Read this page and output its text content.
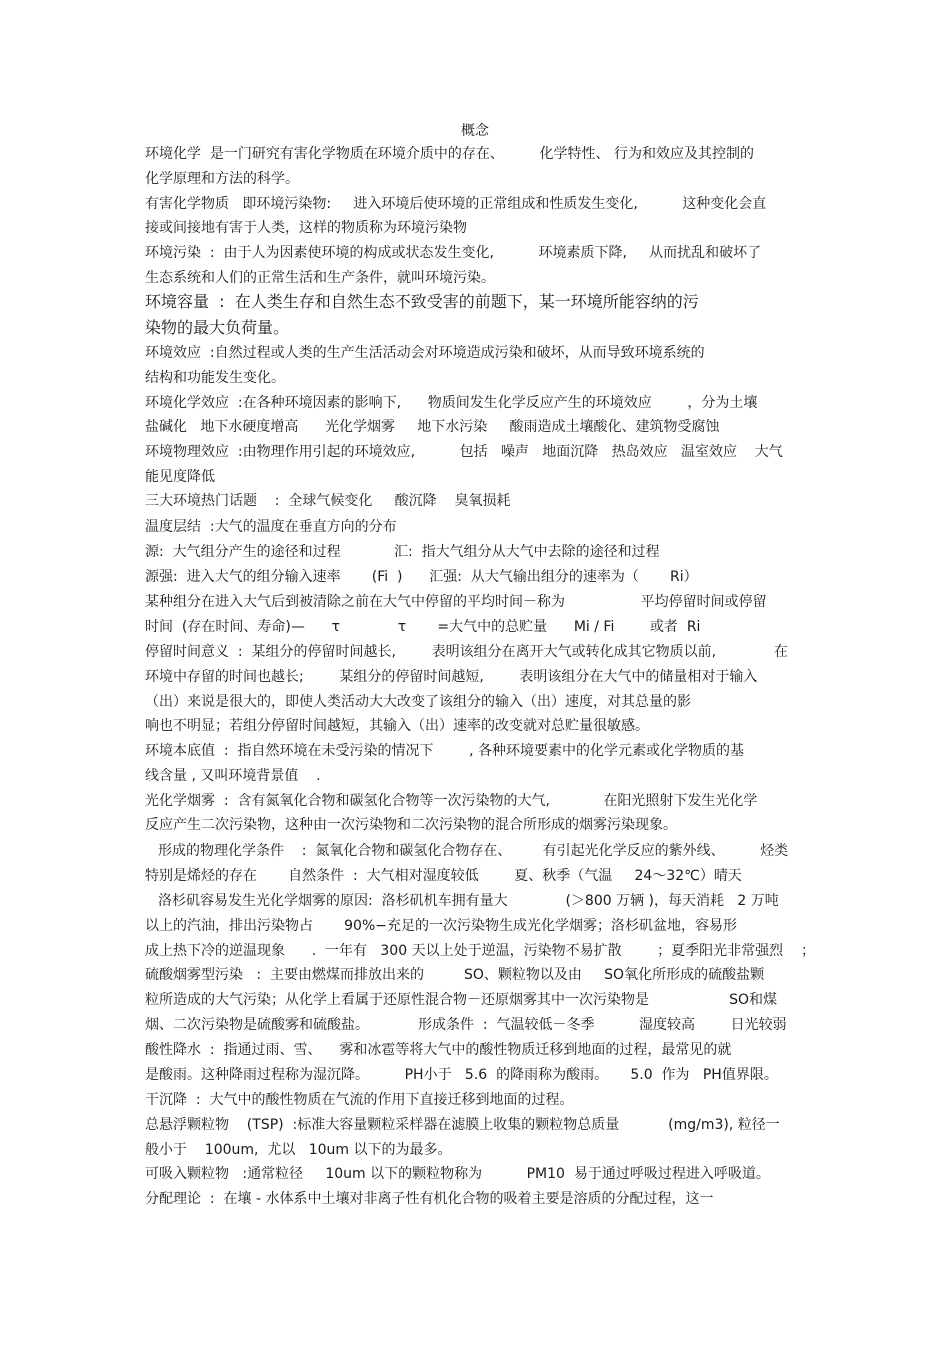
概念
环境化学  是一门研究有害化学物质在环境介质中的存在、        化学特性、 行为和效应及其控制的
化学原理和方法的科学。
有害化学物质   即环境污染物:     进入环境后使环境的正常组成和性质发生变化,          这种变化会直
接或间接地有害于人类，这样的物质称为环境污染物
环境污染  :  由于人为因素使环境的构成或状态发生变化,          环境素质下降,     从而扰乱和破坏了
生态系统和人们的正常生活和生产条件，就叫环境污染。
环境容量  :  在人类生存和自然生态不致受害的前题下，某一环境所能容纳的污
染物的最大负荷量。
环境效应  :自然过程或人类的生产生活活动会对环境造成污染和破坏，从而导致环境系统的
结构和功能发生变化。
环境化学效应  :在各种环境因素的影响下,      物质间发生化学反应产生的环境效应        ，分为土壤
盐碱化   地下水硬度增高      光化学烟雾     地下水污染     酸雨造成土壤酸化、建筑物受腐蚀
环境物理效应  :由物理作用引起的环境效应,          包括   噪声   地面沉降   热岛效应   温室效应    大气
能见度降低
三大环境热门话题    :  全球气候变化     酸沉降    臭氧损耗
温度层结  :大气的温度在垂直方向的分布
源:  大气组分产生的途径和过程            汇:  指大气组分从大气中去除的途径和过程
源强:  进入大气的组分输入速率       (Fi  )      汇强:  从大气输出组分的速率为（       Ri）
某种组分在进入大气后到被清除之前在大气中停留的平均时间－称为                 平均停留时间或停留
时间  (存在时间、寿命)—      τ             τ       =大气中的总贮量      Mi / Fi        或者  Ri
停留时间意义  :  某组分的停留时间越长,        表明该组分在离开大气或转化成其它物质以前,             在
环境中存留的时间也越长;        某组分的停留时间越短,        表明该组分在大气中的储量相对于输入
（出）来说是很大的，即使人类活动大大改变了该组分的输入（出）速度，对其总量的影
响也不明显；若组分停留时间越短，其输入（出）速率的改变就对总贮量很敏感。
环境本底值  :  指自然环境在未受污染的情况下        , 各种环境要素中的化学元素或化学物质的基
线含量 , 又叫环境背景值    .
光化学烟雾  :  含有氮氧化合物和碳氢化合物等一次污染物的大气,            在阳光照射下发生光化学
反应产生二次污染物，这种由一次污染物和二次污染物的混合所形成的烟雾污染现象。
形成的物理化学条件    :  氮氧化合物和碳氢化合物存在、       有引起光化学反应的紫外线、        烃类
特别是烯烃的存在       自然条件  :  大气相对湿度较低        夏、秋季（气温     24～32℃）晴天
洛杉矶容易发生光化学烟雾的原因:  洛杉矶机车拥有量大             (＞800 万辆 )，每天消耗   2 万吨
以上的汽油，排出污染物占       90%−充足的一次污染物生成光化学烟雾；洛杉矶盆地，容易形
成上热下冷的逆温现象      .  一年有   300 天以上处于逆温，污染物不易扩散        ；夏季阳光非常强烈    ；
硫酸烟雾型污染   :  主要由燃煤而排放出来的         SO、颗粒物以及由     SO氧化所形成的硫酸盐颗
粒所造成的大气污染；从化学上看属于还原性混合物－还原烟雾其中一次污染物是                  SO和煤
烟、二次污染物是硫酸雾和硫酸盐。           形成条件  :  气温较低－冬季          湿度较高        日光较弱
酸性降水  :  指通过雨、雪、    雾和冰雹等将大气中的酸性物质迁移到地面的过程，最常见的就
是酸雨。这种降雨过程称为湿沉降。        PH小于   5.6  的降雨称为酸雨。     5.0  作为   PH值界限。
干沉降  :  大气中的酸性物质在气流的作用下直接迁移到地面的过程。
总悬浮颗粒物    (TSP)  :标准大容量颗粒采样器在滤膜上收集的颗粒物总质量           (mg/m3), 粒径一
般小于    100um,  尤以   10um 以下的为最多。
可吸入颗粒物   :通常粒径     10um 以下的颗粒物称为          PM10  易于通过呼吸过程进入呼吸道。
分配理论  :  在壤 - 水体系中土壤对非离子性有机化合物的吸着主要是溶质的分配过程，这一
